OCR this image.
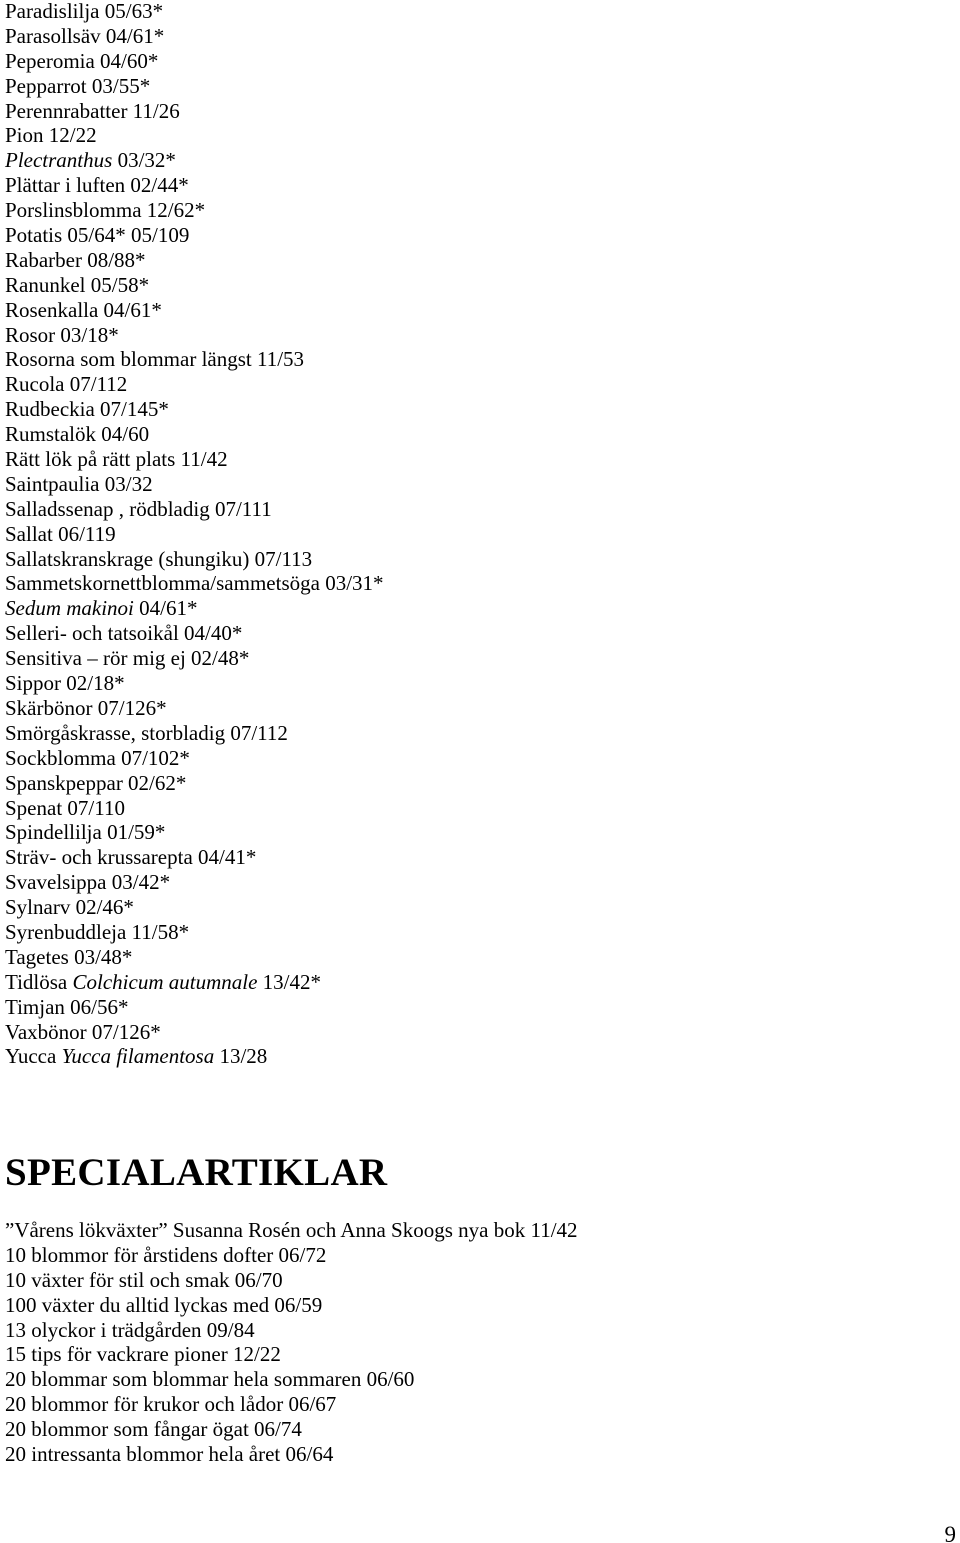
Paradislilja 05/63*
Parasollsäv 04/61*
Peperomia 04/60*
Pepparrot 03/55*
Perennrabatter 11/26
Pion 12/22
Plectranthus 03/32*
Plättar i luften 02/44*
Porslinsblomma 12/62*
Potatis 05/64* 05/109
Rabarber 08/88*
Ranunkel 05/58*
Rosenkalla 04/61*
Rosor 03/18*
Rosorna som blommar längst 11/53
Rucola 07/112
Rudbeckia 07/145*
Rumstalök 04/60
Rätt lök på rätt plats 11/42
Saintpaulia 03/32
Salladssenap , rödbladig 07/111
Sallat 06/119
Sallatskranskrage (shungiku) 07/113
Sammetskornettblomma/sammetsöga 03/31*
Sedum makinoi 04/61*
Selleri- och tatsoikål 04/40*
Sensitiva – rör mig ej 02/48*
Sippor 02/18*
Skärbönor 07/126*
Smörgåskrasse, storbladig 07/112
Sockblomma 07/102*
Spanskpeppar 02/62*
Spenat 07/110
Spindellilja 01/59*
Sträv- och krussarepta 04/41*
Svavelsippa 03/42*
Sylnarv 02/46*
Syrenbuddleja 11/58*
Tagetes 03/48*
Tidlösa Colchicum autumnale 13/42*
Timjan 06/56*
Vaxbönor 07/126*
Yucca Yucca filamentosa 13/28
SPECIALARTIKLAR
”Vårens lökväxter” Susanna Rosén och Anna Skoogs nya bok 11/42
10 blommor för årstidens dofter 06/72
10 växter för stil och smak 06/70
100 växter du alltid lyckas med 06/59
13 olyckor i trädgården 09/84
15 tips för vackrare pioner 12/22
20 blommar som blommar hela sommaren 06/60
20 blommor för krukor och lådor 06/67
20 blommor som fångar ögat 06/74
20 intressanta blommor hela året 06/64
9
